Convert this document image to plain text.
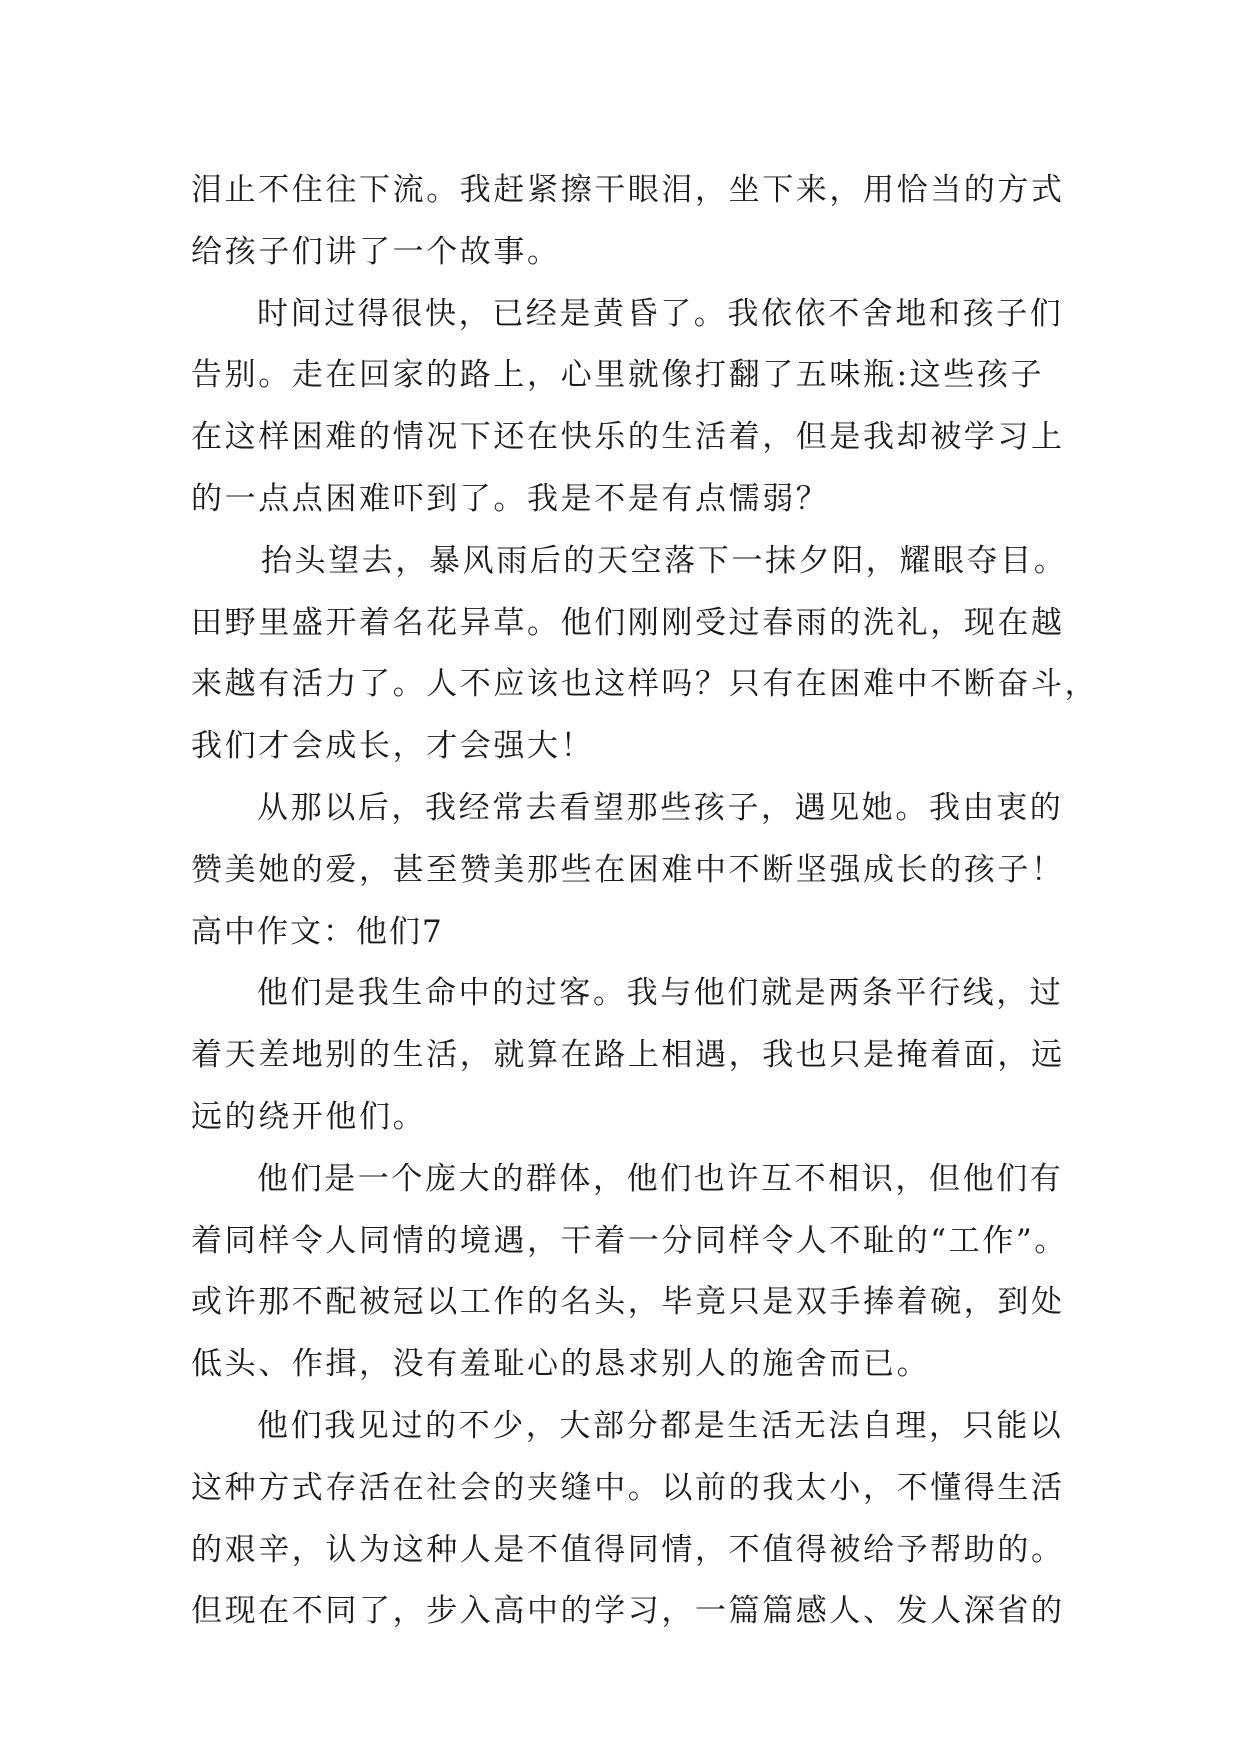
泪止不住往下流。我赶紧擦干眼泪，坐下来，用恰当的方式
给孩子们讲了一个故事。
时间过得很快，已经是黄昏了。我依依不舍地和孩子们
告别。走在回家的路上，心里就像打翻了五味瓶:这些孩子
在这样困难的情况下还在快乐的生活着，但是我却被学习上
的一点点困难吓到了。我是不是有点懦弱？
抬头望去，暴风雨后的天空落下一抹夕阳，耀眼夺目。
田野里盛开着名花异草。他们刚刚受过春雨的洗礼，现在越
来越有活力了。人不应该也这样吗？只有在困难中不断奋斗，
我们才会成长，才会强大！
从那以后，我经常去看望那些孩子，遇见她。我由衷的
赞美她的爱，甚至赞美那些在困难中不断坚强成长的孩子！
高中作文：他们7
他们是我生命中的过客。我与他们就是两条平行线，过
着天差地别的生活，就算在路上相遇，我也只是掩着面，远
远的绕开他们。
他们是一个庞大的群体，他们也许互不相识，但他们有
着同样令人同情的境遇，干着一分同样令人不耻的“工作”。
或许那不配被冠以工作的名头，毕竟只是双手捧着碗，到处
低头、作揖，没有羞耻心的恳求别人的施舍而已。
他们我见过的不少，大部分都是生活无法自理，只能以
这种方式存活在社会的夹缝中。以前的我太小，不懂得生活
的艰辛，认为这种人是不值得同情，不值得被给予帮助的。
但现在不同了，步入高中的学习，一篇篇感人、发人深省的
